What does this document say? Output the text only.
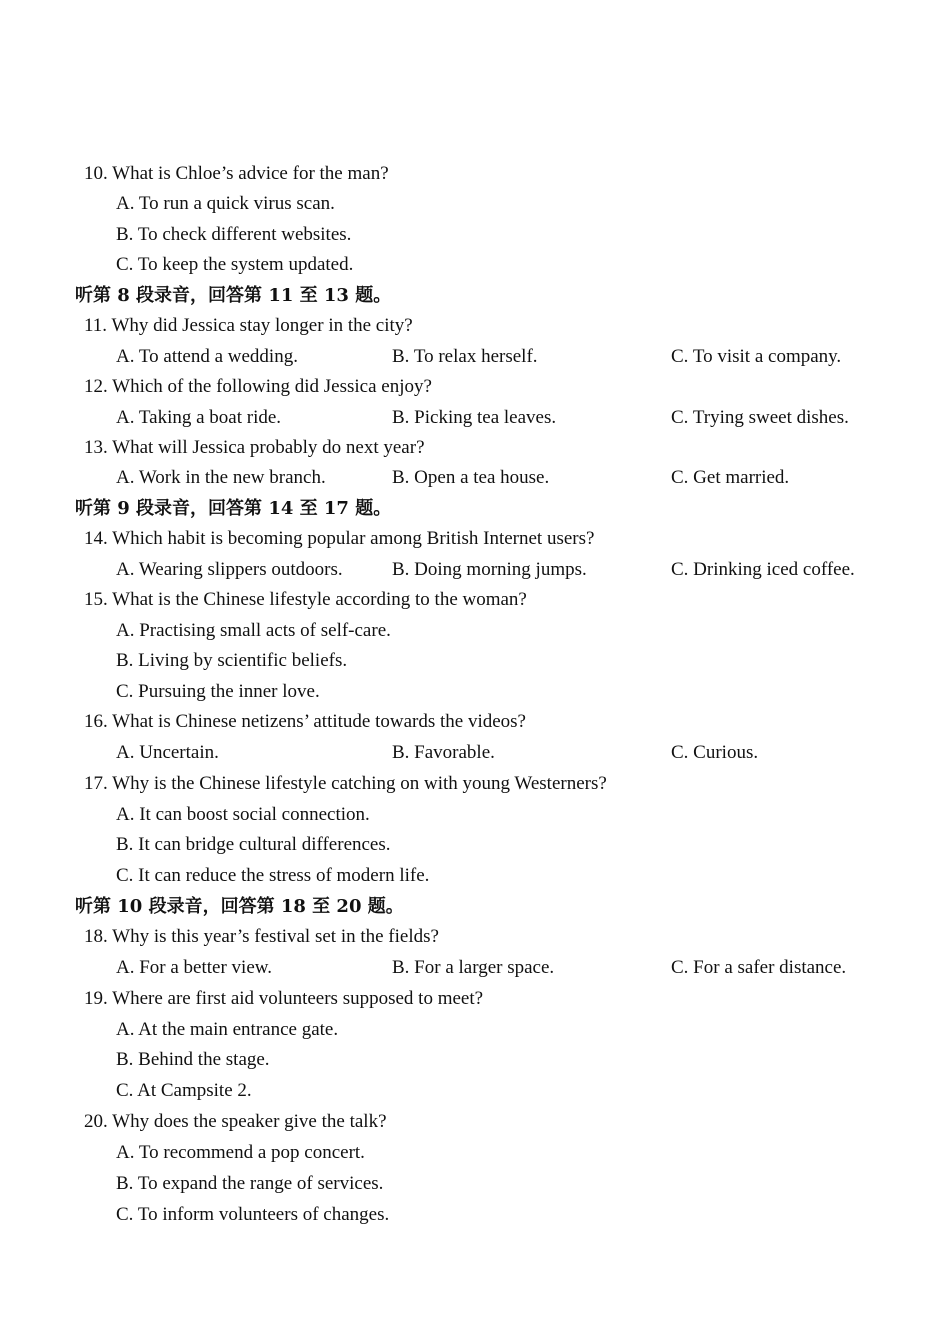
10. What is Chloe’s advice for the man?
A. To run a quick virus scan.
B. To check different websites.
C. To keep the system updated.
听第 8 段录音，回答第 11 至 13 题。
11. Why did Jessica stay longer in the city?
A. To attend a wedding.	B. To relax herself.	C. To visit a company.
12. Which of the following did Jessica enjoy?
A. Taking a boat ride.	B. Picking tea leaves.	C. Trying sweet dishes.
13. What will Jessica probably do next year?
A. Work in the new branch.	B. Open a tea house.	C. Get married.
听第 9 段录音，回答第 14 至 17 题。
14. Which habit is becoming popular among British Internet users?
A. Wearing slippers outdoors.	B. Doing morning jumps.	C. Drinking iced coffee.
15. What is the Chinese lifestyle according to the woman?
A. Practising small acts of self-care.
B. Living by scientific beliefs.
C. Pursuing the inner love.
16. What is Chinese netizens’ attitude towards the videos?
A. Uncertain.	B. Favorable.	C. Curious.
17. Why is the Chinese lifestyle catching on with young Westerners?
A. It can boost social connection.
B. It can bridge cultural differences.
C. It can reduce the stress of modern life.
听第 10 段录音，回答第 18 至 20 题。
18. Why is this year’s festival set in the fields?
A. For a better view.	B. For a larger space.	C. For a safer distance.
19. Where are first aid volunteers supposed to meet?
A. At the main entrance gate.
B. Behind the stage.
C. At Campsite 2.
20. Why does the speaker give the talk?
A. To recommend a pop concert.
B. To expand the range of services.
C. To inform volunteers of changes.
